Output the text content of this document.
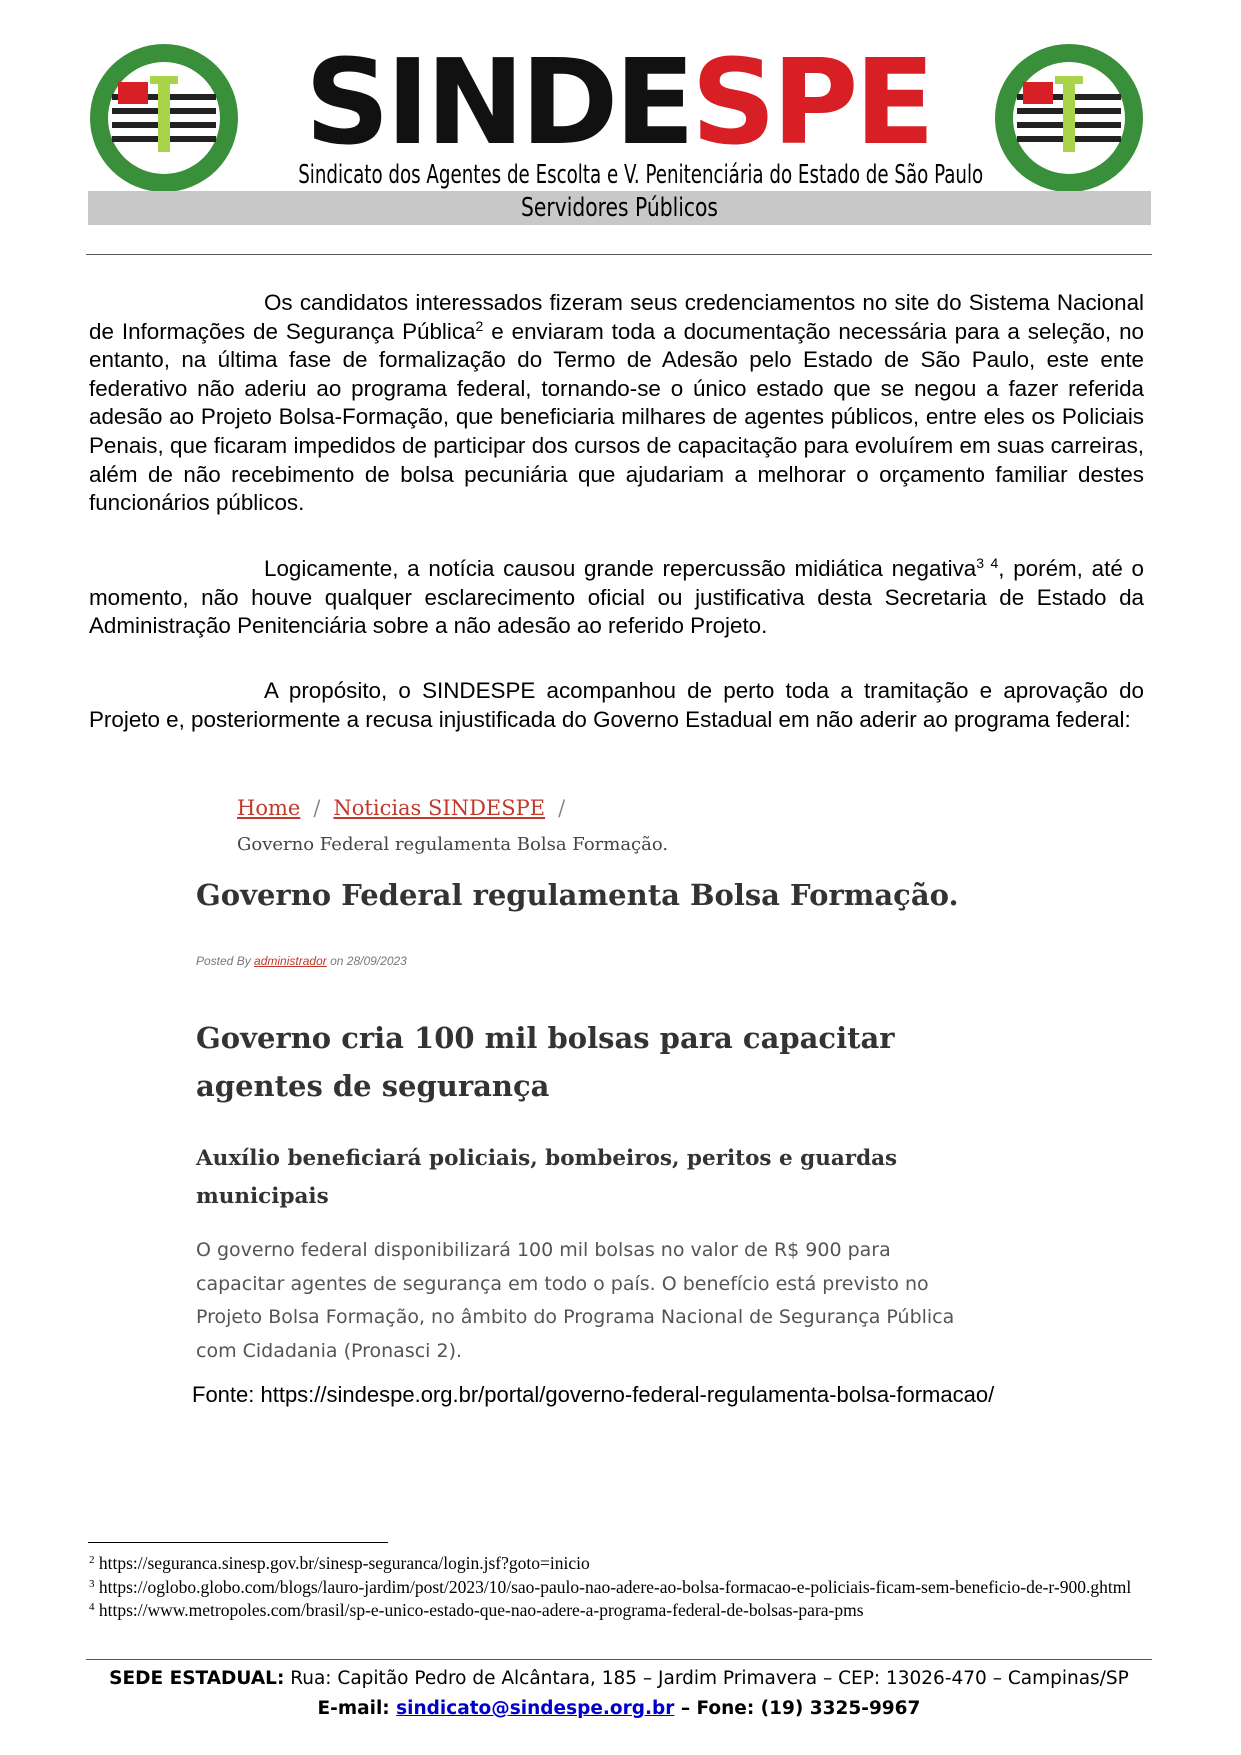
SINDESPE
Sindicato dos Agentes de Escolta e V. Penitenciária do Estado de São Paulo
Servidores Públicos
Os candidatos interessados fizeram seus credenciamentos no site do Sistema Nacional de Informações de Segurança Pública$^2$ e enviaram toda a documentação necessária para a seleção, no entanto, na última fase de formalização do Termo de Adesão pelo Estado de São Paulo, este ente federativo não aderiu ao programa federal, tornando-se o único estado que se negou a fazer referida adesão ao Projeto Bolsa-Formação, que beneficiaria milhares de agentes públicos, entre eles os Policiais Penais, que ficaram impedidos de participar dos cursos de capacitação para evoluírem em suas carreiras, além de não recebimento de bolsa pecuniária que ajudariam a melhorar o orçamento familiar destes funcionários públicos.
Logicamente, a notícia causou grande repercussão midiática negativa$^{3 4}$, porém, até o momento, não houve qualquer esclarecimento oficial ou justificativa desta Secretaria de Estado da Administração Penitenciária sobre a não adesão ao referido Projeto.
A propósito, o SINDESPE acompanhou de perto toda a tramitação e aprovação do Projeto e, posteriormente a recusa injustificada do Governo Estadual em não aderir ao programa federal:
Home / Noticias SINDESPE /
Governo Federal regulamenta Bolsa Formação.
Governo Federal regulamenta Bolsa Formação.
Posted By administrador on 28/09/2023
Governo cria 100 mil bolsas para capacitar agentes de segurança
Auxílio beneficiará policiais, bombeiros, peritos e guardas municipais
O governo federal disponibilizará 100 mil bolsas no valor de R$ 900 para capacitar agentes de segurança em todo o país. O benefício está previsto no Projeto Bolsa Formação, no âmbito do Programa Nacional de Segurança Pública com Cidadania (Pronasci 2).
Fonte: https://sindespe.org.br/portal/governo-federal-regulamenta-bolsa-formacao/
$^2$ https://seguranca.sinesp.gov.br/sinesp-seguranca/login.jsf?goto=inicio
$^3$ https://oglobo.globo.com/blogs/lauro-jardim/post/2023/10/sao-paulo-nao-adere-ao-bolsa-formacao-e-policiais-ficam-sem-beneficio-de-r-900.ghtml
$^4$ https://www.metropoles.com/brasil/sp-e-unico-estado-que-nao-adere-a-programa-federal-de-bolsas-para-pms
SEDE ESTADUAL: Rua: Capitão Pedro de Alcântara, 185 – Jardim Primavera – CEP: 13026-470 – Campinas/SP
E-mail: sindicato@sindespe.org.br – Fone: (19) 3325-9967
